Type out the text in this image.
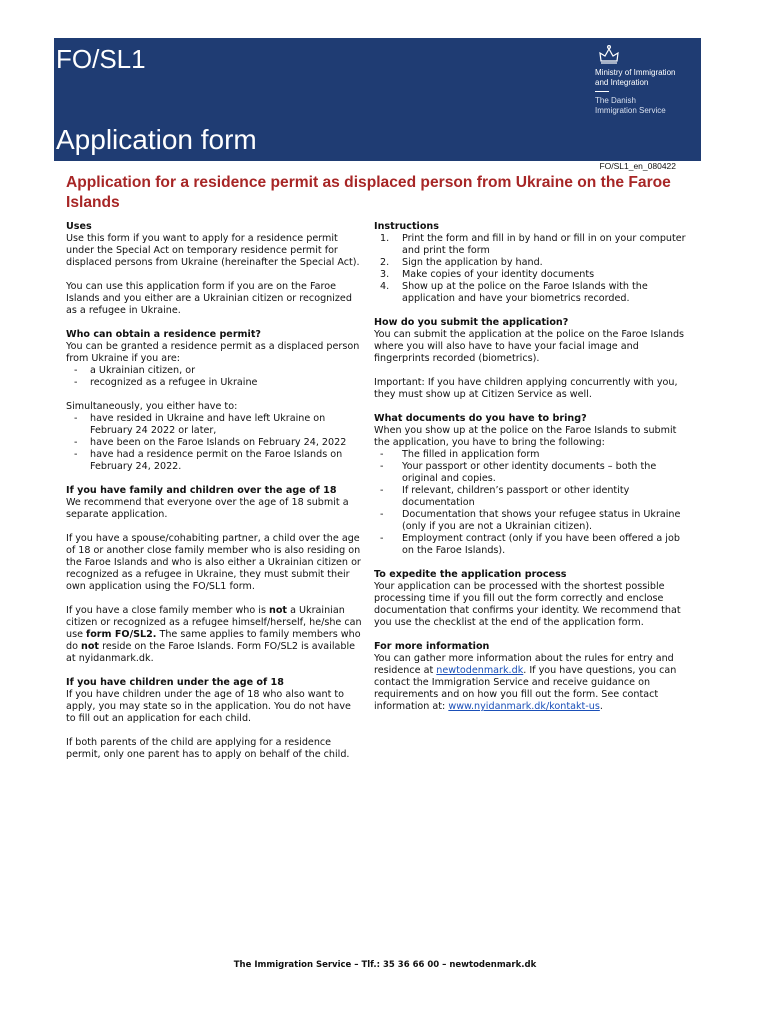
FO/SL1
Application form
Ministry of Immigration
and Integration
The Danish
Immigration Service
FO/SL1_en_080422
Application for a residence permit as displaced person from Ukraine on the Faroe Islands
Uses

Use this form if you want to apply for a residence permit under the Special Act on temporary residence permit for displaced persons from Ukraine (hereinafter the Special Act).

You can use this application form if you are on the Faroe Islands and you either are a Ukrainian citizen or recognized as a refugee in Ukraine.

Who can obtain a residence permit?

You can be granted a residence permit as a displaced person from Ukraine if you are:

- a Ukrainian citizen, or
- recognized as a refugee in Ukraine

Simultaneously, you either have to:

- have resided in Ukraine and have left Ukraine on February 24 2022 or later,
- have been on the Faroe Islands on February 24, 2022
- have had a residence permit on the Faroe Islands on February 24, 2022.
If you have family and children over the age of 18

We recommend that everyone over the age of 18 submit a separate application.

If you have a spouse/cohabiting partner, a child over the age of 18 or another close family member who is also residing on the Faroe Islands and who is also either a Ukrainian citizen or recognized as a refugee in Ukraine, they must submit their own application using the FO/SL1 form.

If you have a close family member who is not a Ukrainian citizen or recognized as a refugee himself/herself, he/she can use form FO/SL2. The same applies to family members who do not reside on the Faroe Islands. Form FO/SL2 is available at nyidanmark.dk.

If you have children under the age of 18

If you have children under the age of 18 who also want to apply, you may state so in the application. You do not have to fill out an application for each child.

If both parents of the child are applying for a residence permit, only one parent has to apply on behalf of the child.

Instructions
1. Print the form and fill in by hand or fill in on your computer and print the form
2. Sign the application by hand.
3. Make copies of your identity documents
4. Show up at the police on the Faroe Islands with the application and have your biometrics recorded.
How do you submit the application?

You can submit the application at the police on the Faroe Islands where you will also have to have your facial image and fingerprints recorded (biometrics).

Important: If you have children applying concurrently with you, they must show up at Citizen Service as well.

What documents do you have to bring?

When you show up at the police on the Faroe Islands to submit the application, you have to bring the following:

- The filled in application form
- Your passport or other identity documents – both the original and copies.
- If relevant, children’s passport or other identity documentation
- Documentation that shows your refugee status in Ukraine (only if you are not a Ukrainian citizen).
- Employment contract (only if you have been offered a job on the Faroe Islands).
To expedite the application process

Your application can be processed with the shortest possible processing time if you fill out the form correctly and enclose documentation that confirms your identity. We recommend that you use the checklist at the end of the application form.

For more information

You can gather more information about the rules for entry and residence at newtodenmark.dk. If you have questions, you can contact the Immigration Service and receive guidance on requirements and on how you fill out the form. See contact information at: www.nyidanmark.dk/kontakt-us.

The Immigration Service – Tlf.: 35 36 66 00 – newtodenmark.dk
